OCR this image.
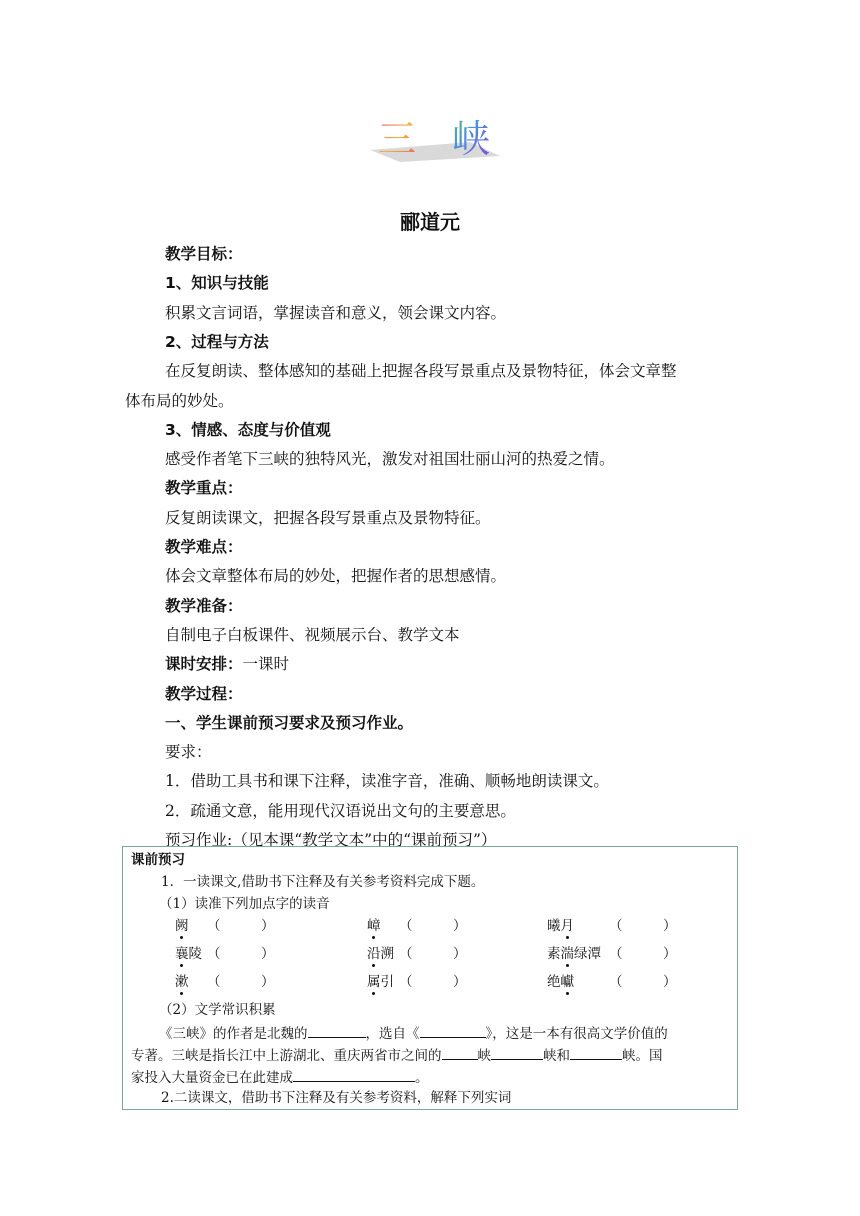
三 峡
郦道元
教学目标：
1、知识与技能
积累文言词语，掌握读音和意义，领会课文内容。
2、过程与方法
在反复朗读、整体感知的基础上把握各段写景重点及景物特征，体会文章整
体布局的妙处。
3、情感、态度与价值观
感受作者笔下三峡的独特风光，激发对祖国壮丽山河的热爱之情。
教学重点：
反复朗读课文，把握各段写景重点及景物特征。
教学难点：
体会文章整体布局的妙处，把握作者的思想感情。
教学准备：
自制电子白板课件、视频展示台、教学文本
教学过程：
一、学生课前预习要求及预习作业。
要求：
1．借助工具书和课下注释，读准字音，准确、顺畅地朗读课文。
2．疏通文意，能用现代汉语说出文句的主要意思。
预习作业:（见本课“教学文本”中的“课前预习”）
课时安排：一课时
课前预习
1．一读课文,借助书下注释及有关参考资料完成下题。
（1）读准下列加点字的读音
阙 （　　　）	嶂 （　　　）	曦月	（　　　）
襄陵 （　　　）	沿溯 （　　　）	素湍绿潭 （　　　）
漱 （　　　）	属引 （　　　）	绝巘	（　　　）
（2）文学常识积累
《三峡》的作者是北魏的	，选自《	》，这是一本有很高文学价值的
专著。三峡是指长江中上游湖北、重庆两省市之间的	峡	峡和	峡。国
家投入大量资金已在此建成	。
2.二读课文，借助书下注释及有关参考资料，解释下列实词
